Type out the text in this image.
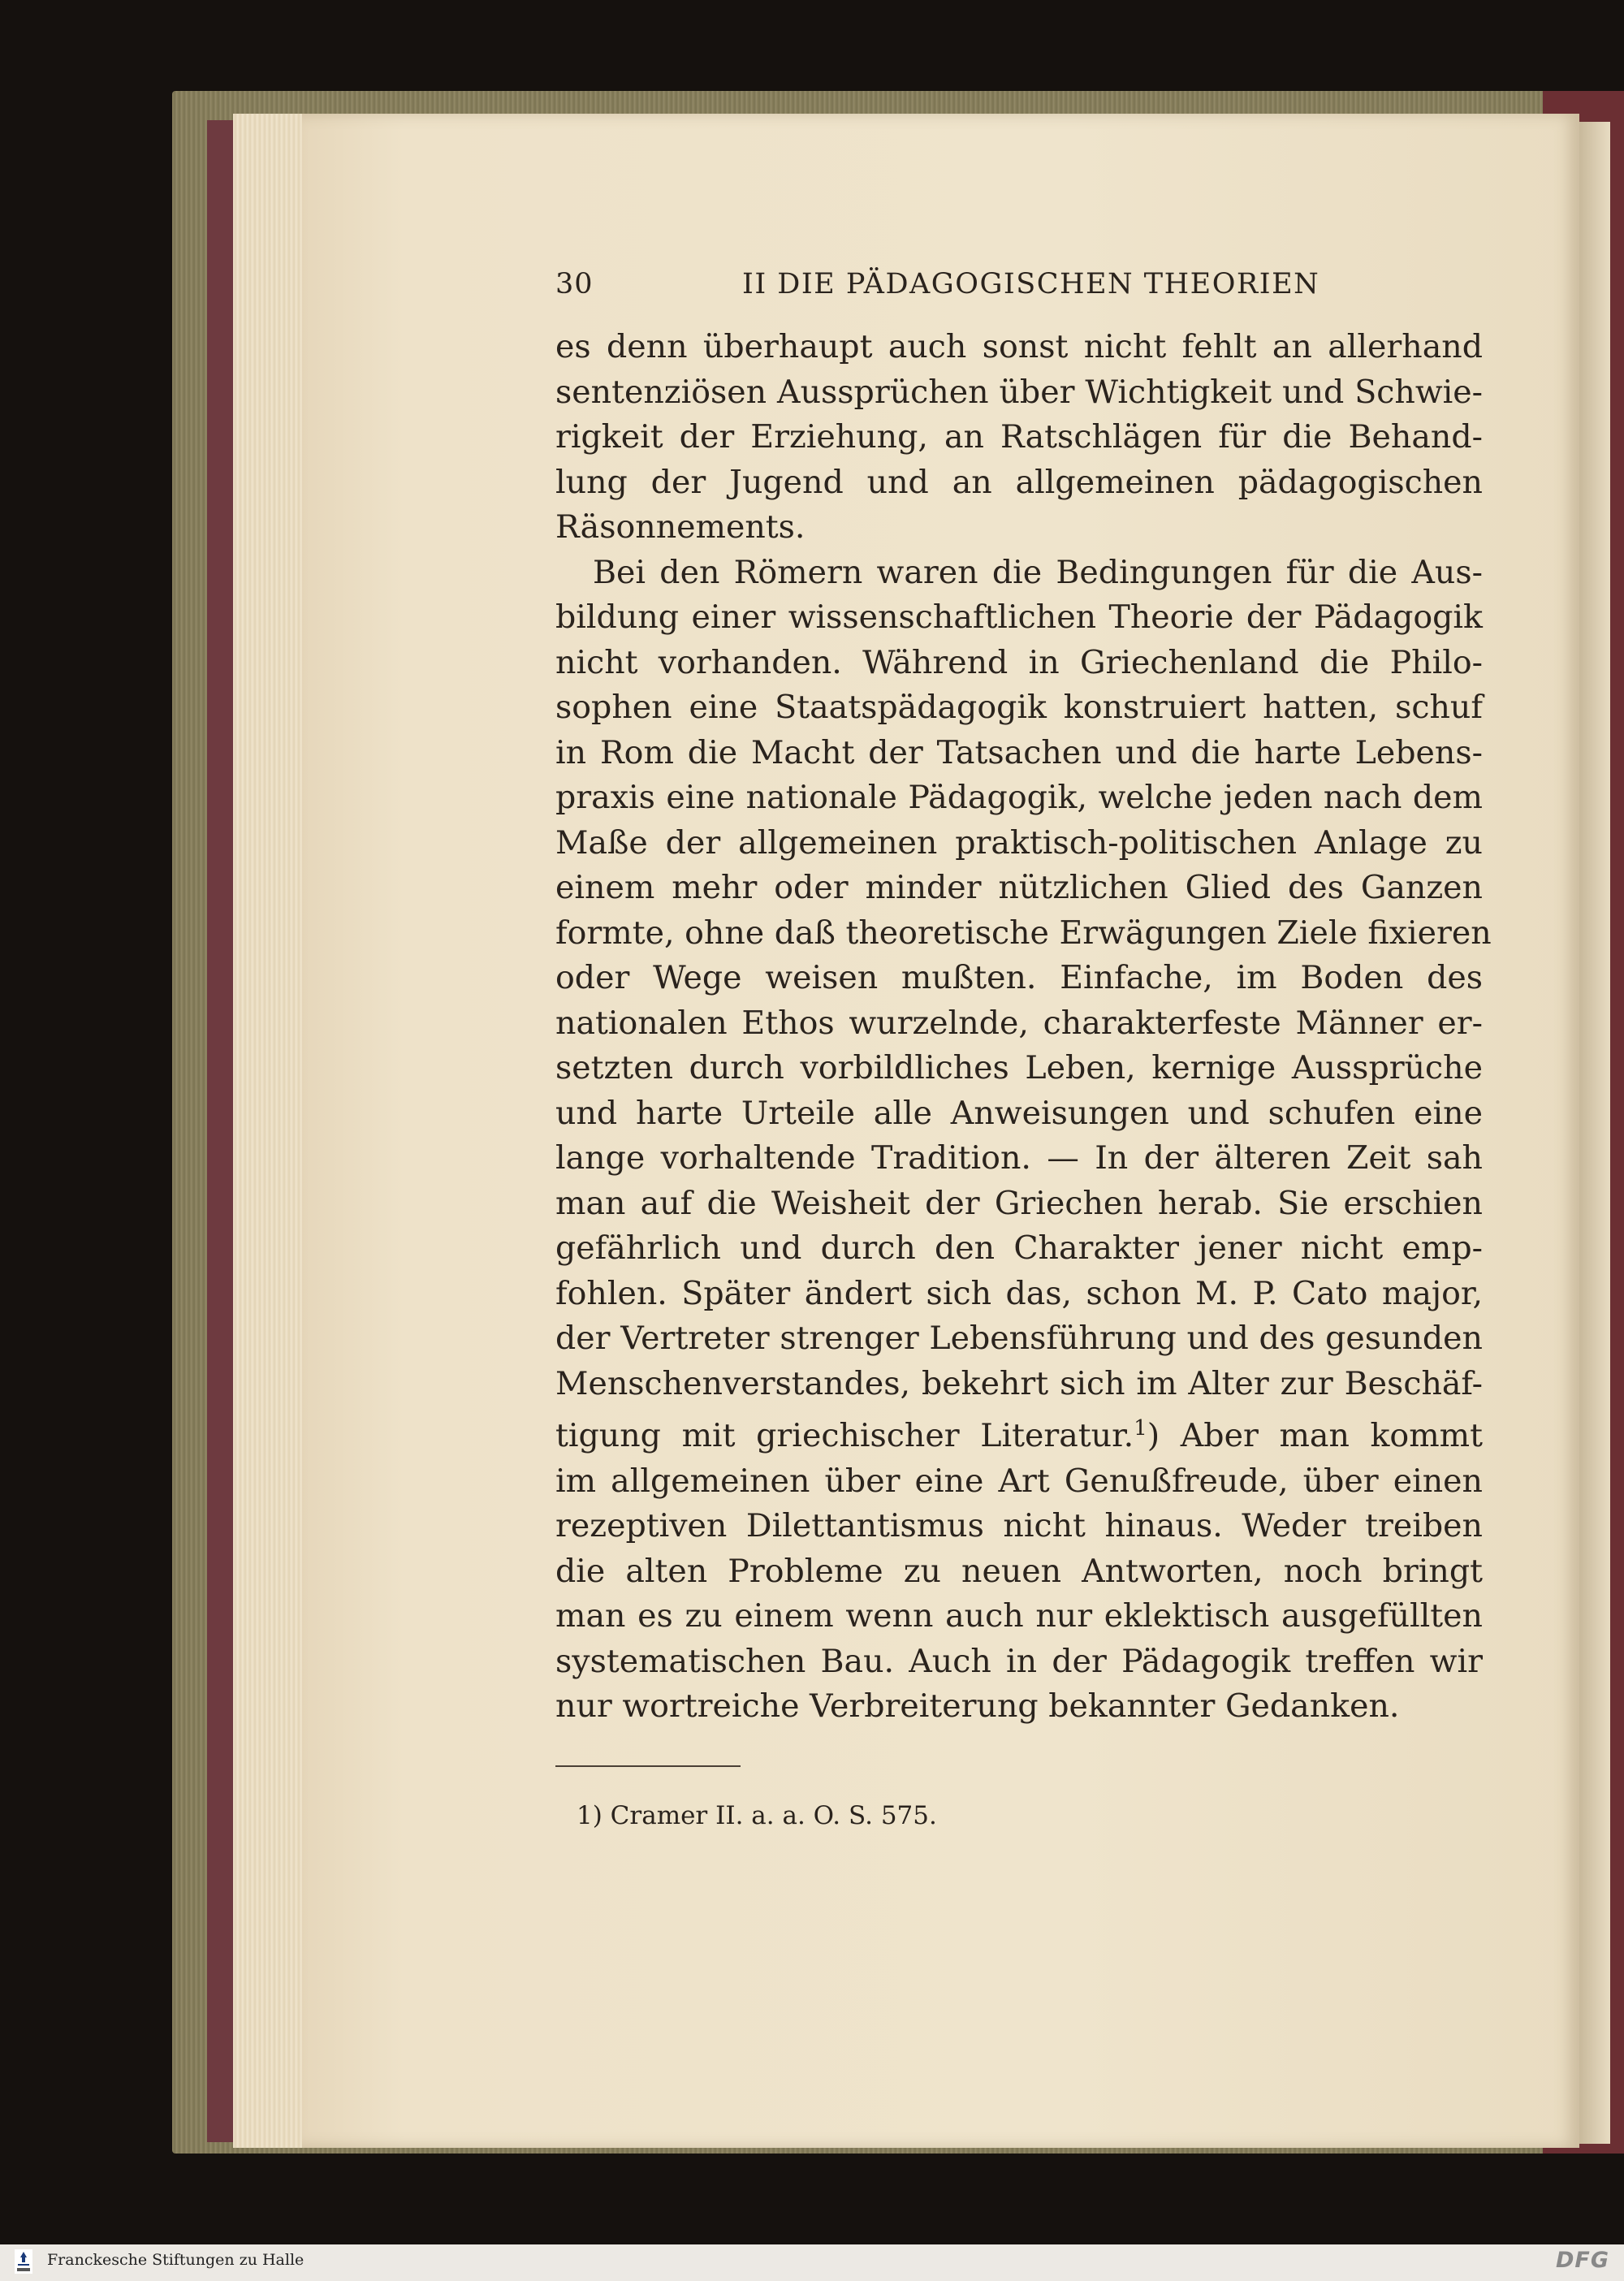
30	II DIE PÄDAGOGISCHEN THEORIEN
es denn überhaupt auch sonst nicht fehlt an allerhand
sentenziösen Aussprüchen über Wichtigkeit und Schwie-
rigkeit der Erziehung, an Ratschlägen für die Behand-
lung der Jugend und an allgemeinen pädagogischen
Räsonnements.
Bei den Römern waren die Bedingungen für die Aus-
bildung einer wissenschaftlichen Theorie der Pädagogik
nicht vorhanden. Während in Griechenland die Philo-
sophen eine Staatspädagogik konstruiert hatten, schuf
in Rom die Macht der Tatsachen und die harte Lebens-
praxis eine nationale Pädagogik, welche jeden nach dem
Maße der allgemeinen praktisch-politischen Anlage zu
einem mehr oder minder nützlichen Glied des Ganzen
formte, ohne daß theoretische Erwägungen Ziele fixieren
oder Wege weisen mußten. Einfache, im Boden des
nationalen Ethos wurzelnde, charakterfeste Männer er-
setzten durch vorbildliches Leben, kernige Aussprüche
und harte Urteile alle Anweisungen und schufen eine
lange vorhaltende Tradition. — In der älteren Zeit sah
man auf die Weisheit der Griechen herab. Sie erschien
gefährlich und durch den Charakter jener nicht emp-
fohlen. Später ändert sich das, schon M. P. Cato major,
der Vertreter strenger Lebensführung und des gesunden
Menschenverstandes, bekehrt sich im Alter zur Beschäf-
tigung mit griechischer Literatur.$^1$) Aber man kommt
im allgemeinen über eine Art Genußfreude, über einen
rezeptiven Dilettantismus nicht hinaus. Weder treiben
die alten Probleme zu neuen Antworten, noch bringt
man es zu einem wenn auch nur eklektisch ausgefüllten
systematischen Bau. Auch in der Pädagogik treffen wir
nur wortreiche Verbreiterung bekannter Gedanken.
1) Cramer II. a. a. O. S. 575.
Franckesche Stiftungen zu Halle	DFG
